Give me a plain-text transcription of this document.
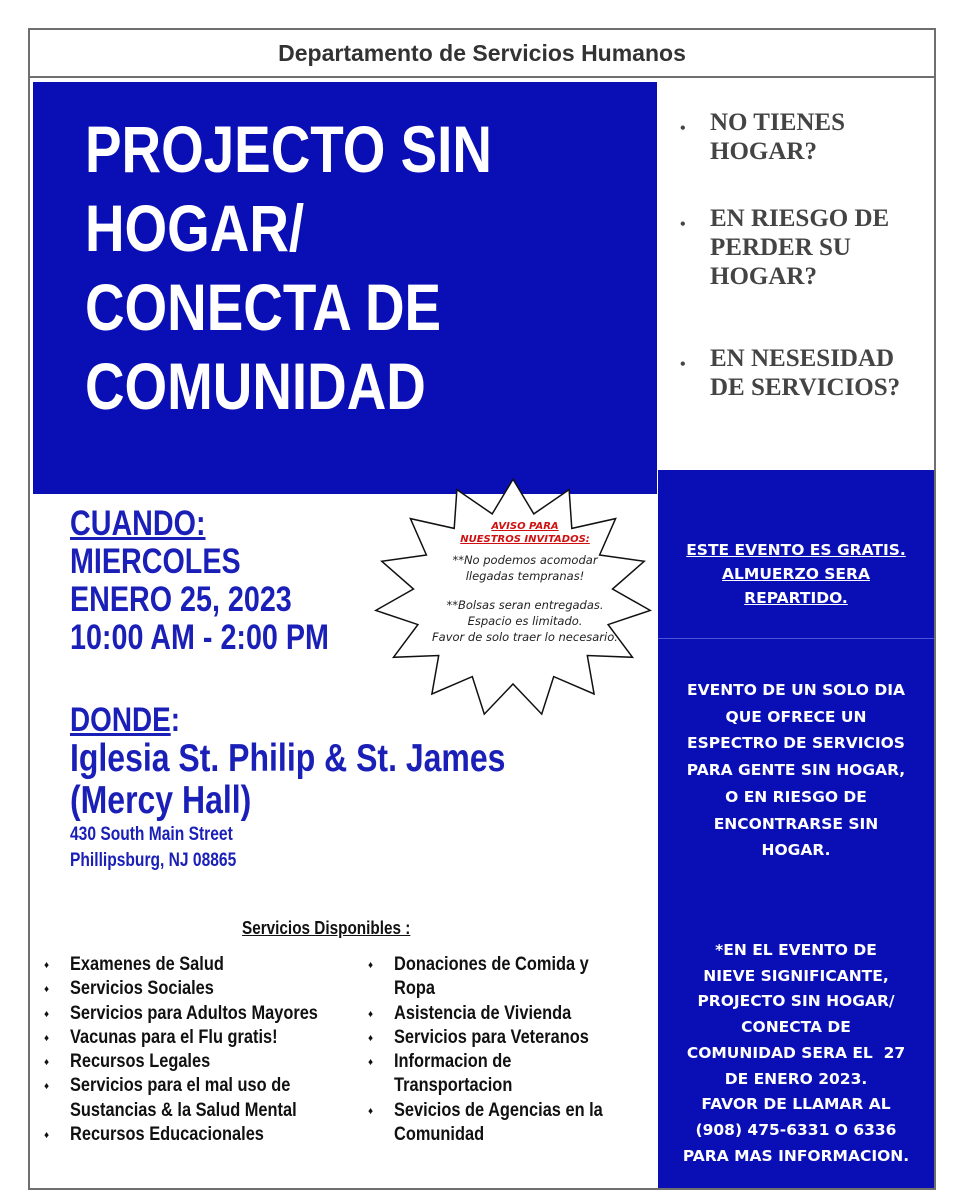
Departamento de Servicios Humanos
PROJECTO SIN
HOGAR/
CONECTA DE
COMUNIDAD
• NO TIENES
HOGAR?
• EN RIESGO DE
PERDER SU
HOGAR?
• EN NESESIDAD
DE SERVICIOS?
ESTE EVENTO ES GRATIS.
ALMUERZO SERA
REPARTIDO.
EVENTO DE UN SOLO DIA
QUE OFRECE UN
ESPECTRO DE SERVICIOS
PARA GENTE SIN HOGAR,
O EN RIESGO DE
ENCONTRARSE SIN
HOGAR.
*EN EL EVENTO DE
NIEVE SIGNIFICANTE,
PROJECTO SIN HOGAR/
CONECTA DE
COMUNIDAD SERA EL  27
DE ENERO 2023.
FAVOR DE LLAMAR AL
(908) 475-6331 O 6336
PARA MAS INFORMACION.
CUANDO:
MIERCOLES
ENERO 25, 2023
10:00 AM - 2:00 PM
DONDE:
Iglesia St. Philip & St. James
(Mercy Hall)
430 South Main Street
Phillipsburg, NJ 08865
AVISO PARA
NUESTROS INVITADOS:
**No podemos acomodar
llegadas tempranas!
**Bolsas seran entregadas.
Espacio es limitado.
Favor de solo traer lo necesario.
Servicios Disponibles :
♦ Examenes de Salud
♦ Servicios Sociales
♦ Servicios para Adultos Mayores
♦ Vacunas para el Flu gratis!
♦ Recursos Legales
♦ Servicios para el mal uso de
Sustancias & la Salud Mental
♦ Recursos Educacionales
♦ Donaciones de Comida y
Ropa
♦ Asistencia de Vivienda
♦ Servicios para Veteranos
♦ Informacion de
Transportacion
♦ Sevicios de Agencias en la
Comunidad
